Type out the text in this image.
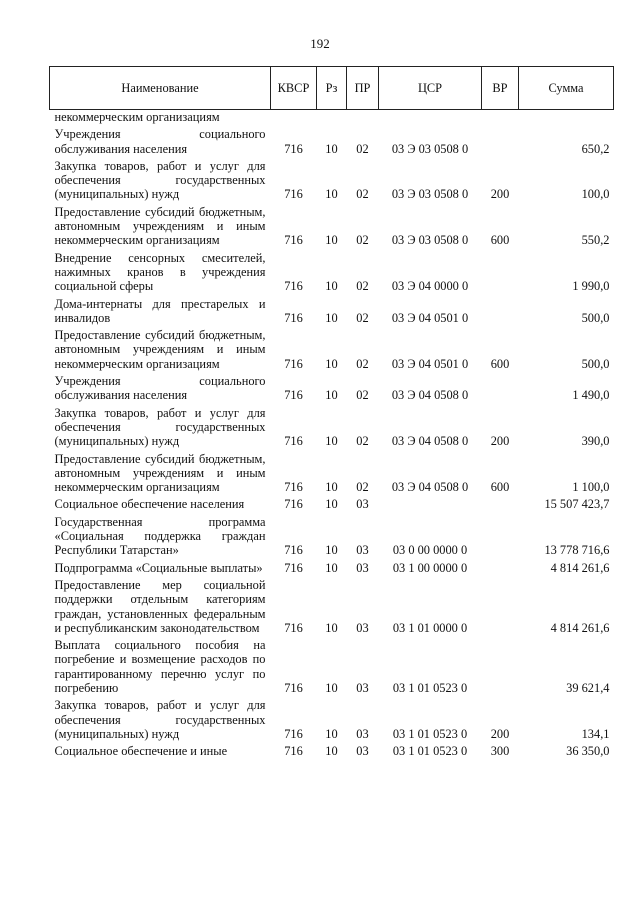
192
Наименование	КВСР	Рз	ПР	ЦСР	ВР	Сумма
некоммерческим организациям						
Учреждения социального обслуживания населения	716	10	02	03 Э 03 0508 0		650,2
Закупка товаров, работ и услуг для обеспечения государственных (муниципальных) нужд	716	10	02	03 Э 03 0508 0	200	100,0
Предоставление субсидий бюджетным, автономным учреждениям и иным некоммерческим организациям	716	10	02	03 Э 03 0508 0	600	550,2
Внедрение сенсорных смесителей, нажимных кранов в учреждения социальной сферы	716	10	02	03 Э 04 0000 0		1 990,0
Дома-интернаты для престарелых и инвалидов	716	10	02	03 Э 04 0501 0		500,0
Предоставление субсидий бюджетным, автономным учреждениям и иным некоммерческим организациям	716	10	02	03 Э 04 0501 0	600	500,0
Учреждения социального обслуживания населения	716	10	02	03 Э 04 0508 0		1 490,0
Закупка товаров, работ и услуг для обеспечения государственных (муниципальных) нужд	716	10	02	03 Э 04 0508 0	200	390,0
Предоставление субсидий бюджетным, автономным учреждениям и иным некоммерческим организациям	716	10	02	03 Э 04 0508 0	600	1 100,0
Социальное обеспечение населения	716	10	03			15 507 423,7
Государственная программа «Социальная поддержка граждан Республики Татарстан»	716	10	03	03 0 00 0000 0		13 778 716,6
Подпрограмма «Социальные выплаты»	716	10	03	03 1 00 0000 0		4 814 261,6
Предоставление мер социальной поддержки отдельным категориям граждан, установленных федеральным и республиканским законодательством	716	10	03	03 1 01 0000 0		4 814 261,6
Выплата социального пособия на погребение и возмещение расходов по гарантированному перечню услуг по погребению	716	10	03	03 1 01 0523 0		39 621,4
Закупка товаров, работ и услуг для обеспечения государственных (муниципальных) нужд	716	10	03	03 1 01 0523 0	200	134,1
Социальное обеспечение и иные	716	10	03	03 1 01 0523 0	300	36 350,0
